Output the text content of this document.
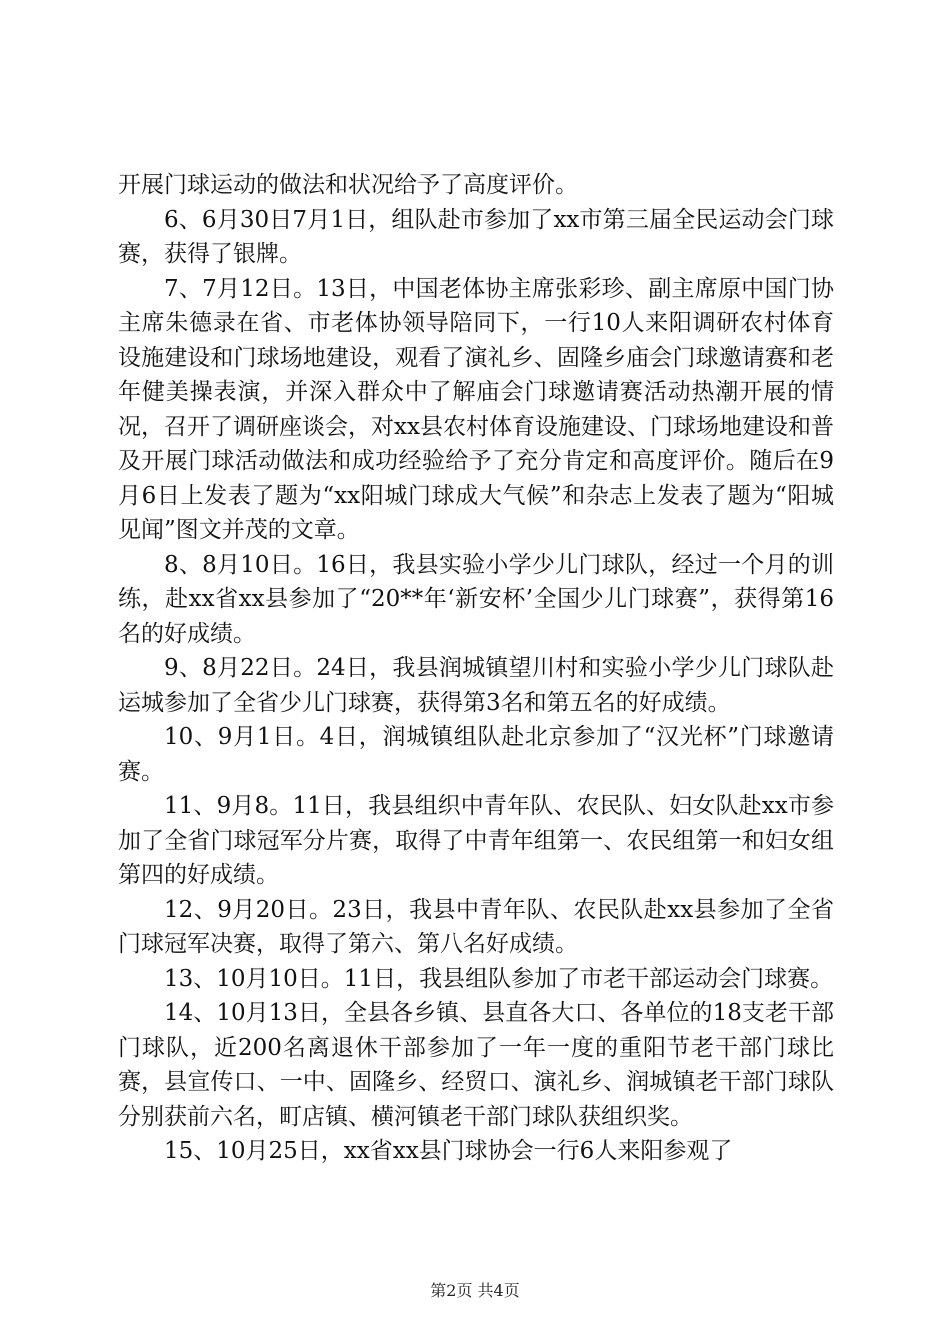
开展门球运动的做法和状况给予了高度评价。

6、6月30日7月1日，组队赴市参加了xx市第三届全民运动会门球赛，获得了银牌。

7、7月12日。13日，中国老体协主席张彩珍、副主席原中国门协主席朱德录在省、市老体协领导陪同下，一行10人来阳调研农村体育设施建设和门球场地建设，观看了演礼乡、固隆乡庙会门球邀请赛和老年健美操表演，并深入群众中了解庙会门球邀请赛活动热潮开展的情况，召开了调研座谈会，对xx县农村体育设施建设、门球场地建设和普及开展门球活动做法和成功经验给予了充分肯定和高度评价。随后在9月6日上发表了题为“xx阳城门球成大气候”和杂志上发表了题为“阳城见闻”图文并茂的文章。

8、8月10日。16日，我县实验小学少儿门球队，经过一个月的训练，赴xx省xx县参加了“20**年‘新安杯’全国少儿门球赛”，获得第16名的好成绩。

9、8月22日。24日，我县润城镇望川村和实验小学少儿门球队赴运城参加了全省少儿门球赛，获得第3名和第五名的好成绩。

10、9月1日。4日，润城镇组队赴北京参加了“汉光杯”门球邀请赛。

11、9月8。11日，我县组织中青年队、农民队、妇女队赴xx市参加了全省门球冠军分片赛，取得了中青年组第一、农民组第一和妇女组第四的好成绩。

12、9月20日。23日，我县中青年队、农民队赴xx县参加了全省门球冠军决赛，取得了第六、第八名好成绩。

13、10月10日。11日，我县组队参加了市老干部运动会门球赛。

14、10月13日，全县各乡镇、县直各大口、各单位的18支老干部门球队，近200名离退休干部参加了一年一度的重阳节老干部门球比赛，县宣传口、一中、固隆乡、经贸口、演礼乡、润城镇老干部门球队分别获前六名，町店镇、横河镇老干部门球队获组织奖。

15、10月25日，xx省xx县门球协会一行6人来阳参观了

第2页 共4页
